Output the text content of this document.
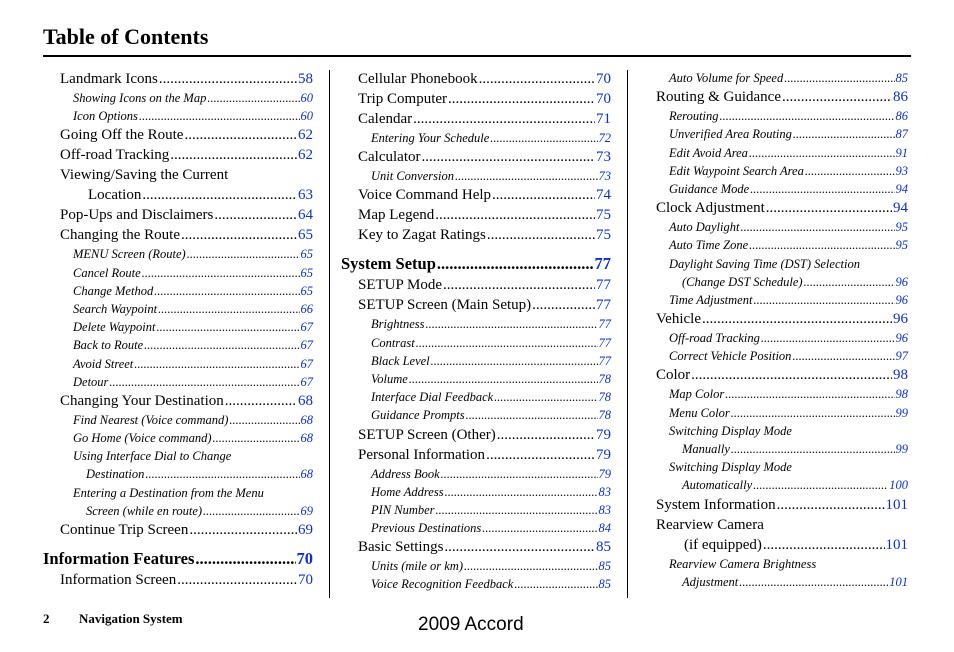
Table of Contents
Landmark Icons .....	58
Showing Icons on the Map .....	60
Icon Options .....	60
Going Off the Route .....	62
Off-road Tracking .....	62
Viewing/Saving the Current
Location .....	63
Pop-Ups and Disclaimers .....	64
Changing the Route .....	65
MENU Screen (Route) .....	65
Cancel Route .....	65
Change Method .....	65
Search Waypoint .....	66
Delete Waypoint .....	67
Back to Route .....	67
Avoid Street .....	67
Detour .....	67
Changing Your Destination .....	68
Find Nearest (Voice command) .....	68
Go Home (Voice command) .....	68
Using Interface Dial to Change
Destination .....	68
Entering a Destination from the Menu
Screen (while en route) .....	69
Continue Trip Screen .....	69
Information Features .....	70
Information Screen .....	70
Cellular Phonebook .....	70
Trip Computer .....	70
Calendar .....	71
Entering Your Schedule .....	72
Calculator .....	73
Unit Conversion .....	73
Voice Command Help .....	74
Map Legend .....	75
Key to Zagat Ratings .....	75
System Setup .....	77
SETUP Mode .....	77
SETUP Screen (Main Setup) .....	77
Brightness .....	77
Contrast .....	77
Black Level .....	77
Volume .....	78
Interface Dial Feedback .....	78
Guidance Prompts .....	78
SETUP Screen (Other) .....	79
Personal Information .....	79
Address Book .....	79
Home Address .....	83
PIN Number .....	83
Previous Destinations .....	84
Basic Settings .....	85
Units (mile or km) .....	85
Voice Recognition Feedback .....	85
Auto Volume for Speed .....	85
Routing & Guidance .....	86
Rerouting .....	86
Unverified Area Routing .....	87
Edit Avoid Area .....	91
Edit Waypoint Search Area .....	93
Guidance Mode .....	94
Clock Adjustment .....	94
Auto Daylight .....	95
Auto Time Zone .....	95
Daylight Saving Time (DST) Selection
(Change DST Schedule) .....	96
Time Adjustment .....	96
Vehicle .....	96
Off-road Tracking .....	96
Correct Vehicle Position .....	97
Color .....	98
Map Color .....	98
Menu Color .....	99
Switching Display Mode
Manually .....	99
Switching Display Mode
Automatically .....	100
System Information .....	101
Rearview Camera
(if equipped) .....	101
Rearview Camera Brightness
Adjustment .....	101
2 Navigation System	2009 Accord
